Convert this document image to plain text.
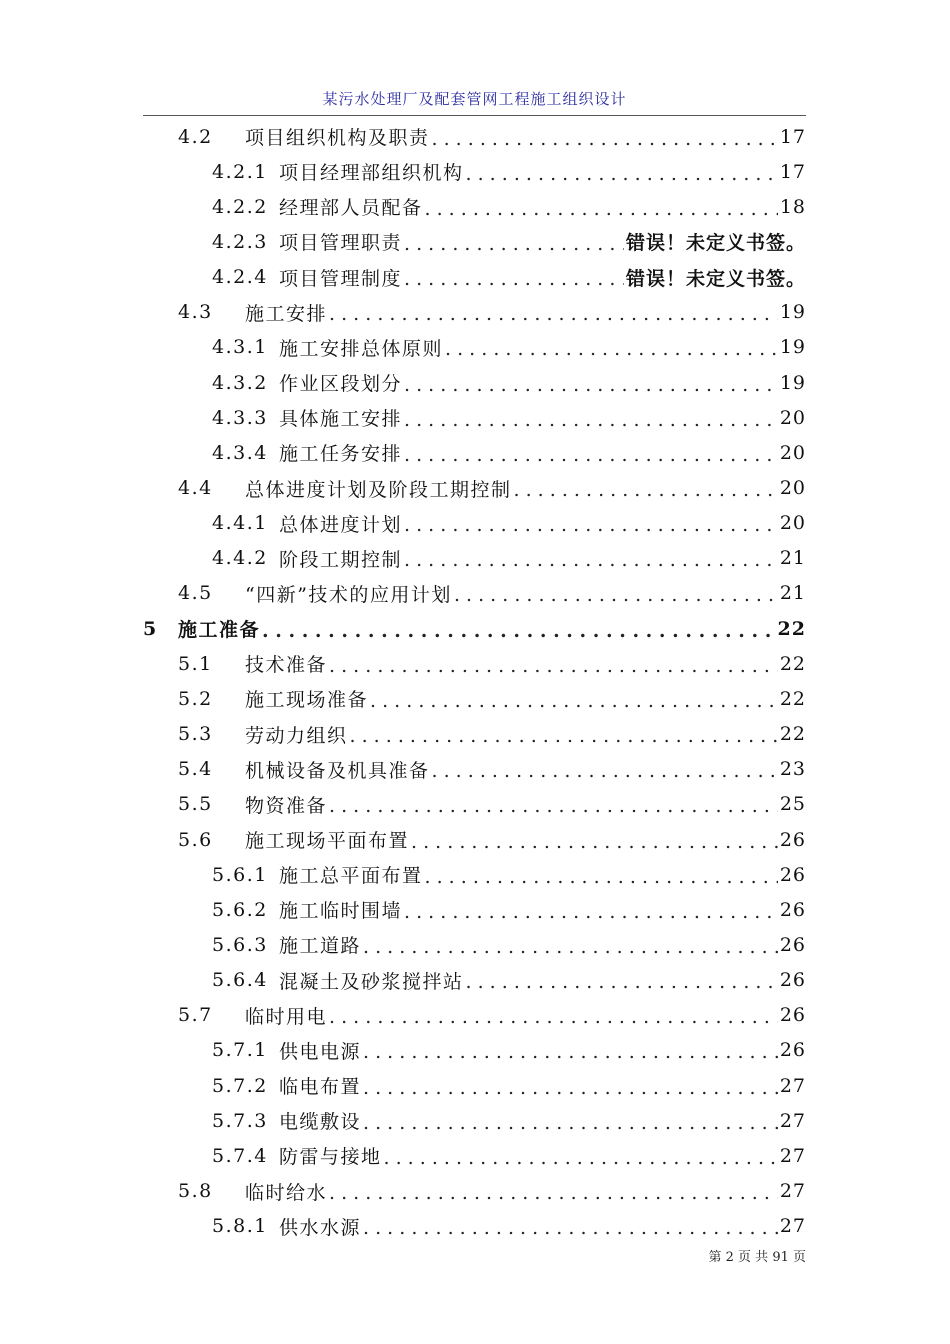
某污水处理厂及配套管网工程施工组织设计
4.2	项目组织机构及职责 . . .	17
4.2.1 项目经理部组织机构 . . .	17
4.2.2 经理部人员配备 . . .	18
4.2.3 项目管理职责 . . .	错误！未定义书签。
4.2.4 项目管理制度 . . .	错误！未定义书签。
4.3	施工安排 . . .	19
4.3.1 施工安排总体原则 . . .	19
4.3.2 作业区段划分 . . .	19
4.3.3 具体施工安排 . . .	20
4.3.4 施工任务安排 . . .	20
4.4	总体进度计划及阶段工期控制 . . .	20
4.4.1 总体进度计划 . . .	20
4.4.2 阶段工期控制 . . .	21
4.5	“四新”技术的应用计划 . . .	21
5	施工准备 . . .	22
5.1	技术准备 . . .	22
5.2	施工现场准备 . . .	22
5.3	劳动力组织 . . .	22
5.4	机械设备及机具准备 . . .	23
5.5	物资准备 . . .	25
5.6	施工现场平面布置 . . .	26
5.6.1 施工总平面布置 . . .	26
5.6.2 施工临时围墙 . . .	26
5.6.3 施工道路 . . .	26
5.6.4 混凝土及砂浆搅拌站 . . .	26
5.7	临时用电 . . .	26
5.7.1 供电电源 . . .	26
5.7.2 临电布置 . . .	27
5.7.3 电缆敷设 . . .	27
5.7.4 防雷与接地 . . .	27
5.8	临时给水 . . .	27
5.8.1 供水水源 . . .	27
第 2 页 共 91 页
